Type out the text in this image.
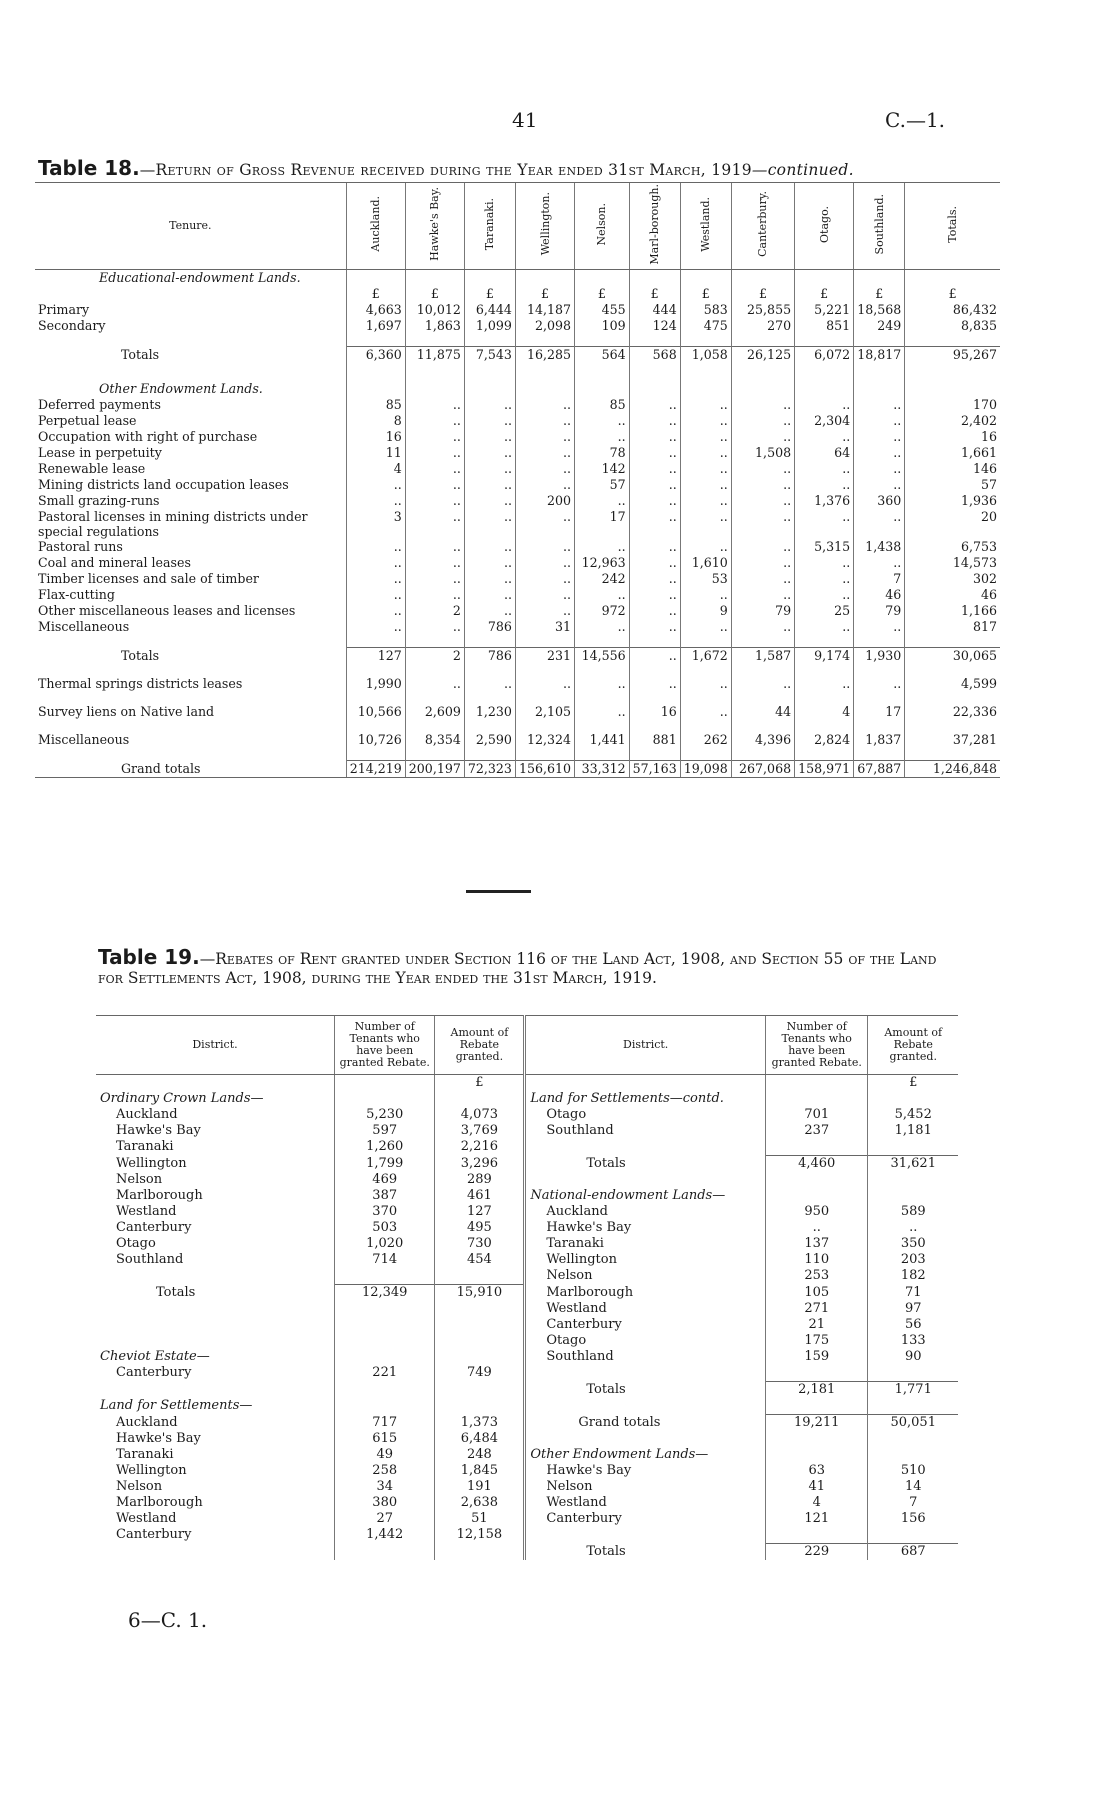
41	C.—1.
Table 18.—Return of Gross Revenue received during the Year ended 31st March, 1919—continued.
Tenure.	Auckland.	Hawke's Bay.	Taranaki.	Wellington.	Nelson.	Marl-borough.	Westland.	Canterbury.	Otago.	Southland.	Totals.
Educational-endowment Lands.											
	£	£	£	£	£	£	£	£	£	£	£
Primary	4,663	10,012	6,444	14,187	455	444	583	25,855	5,221	18,568	86,432
Secondary	1,697	1,863	1,099	2,098	109	124	475	270	851	249	8,835

Totals	6,360	11,875	7,543	16,285	564	568	1,058	26,125	6,072	18,817	95,267

Other Endowment Lands.											
Deferred payments	85	..	..	..	85	..	..	..	..	..	170
Perpetual lease	8	..	..	..	..	..	..	..	2,304	..	2,402
Occupation with right of purchase	16	..	..	..	..	..	..	..	..	..	16
Lease in perpetuity	11	..	..	..	78	..	..	1,508	64	..	1,661
Renewable lease	4	..	..	..	142	..	..	..	..	..	146
Mining districts land occupation leases	..	..	..	..	57	..	..	..	..	..	57
Small grazing-runs	..	..	..	200	..	..	..	..	1,376	360	1,936
Pastoral licenses in mining districts under special regulations	3	..	..	..	17	..	..	..	..	..	20
Pastoral runs	..	..	..	..	..	..	..	..	5,315	1,438	6,753
Coal and mineral leases	..	..	..	..	12,963	..	1,610	..	..	..	14,573
Timber licenses and sale of timber	..	..	..	..	242	..	53	..	..	7	302
Flax-cutting	..	..	..	..	..	..	..	..	..	46	46
Other miscellaneous leases and licenses	..	2	..	..	972	..	9	79	25	79	1,166
Miscellaneous	..	..	786	31	..	..	..	..	..	..	817

Totals	127	2	786	231	14,556	..	1,672	1,587	9,174	1,930	30,065

Thermal springs districts leases	1,990	..	..	..	..	..	..	..	..	..	4,599

Survey liens on Native land	10,566	2,609	1,230	2,105	..	16	..	44	4	17	22,336

Miscellaneous	10,726	8,354	2,590	12,324	1,441	881	262	4,396	2,824	1,837	37,281

Grand totals	214,219	200,197	72,323	156,610	33,312	57,163	19,098	267,068	158,971	67,887	1,246,848
Table 19.—Rebates of Rent granted under Section 116 of the Land Act, 1908, and Section 55 of the Land for Settlements Act, 1908, during the Year ended the 31st March, 1919.
District.	Number of Tenants who have been granted Rebate.	Amount of Rebate granted.	District.	Number of Tenants who have been granted Rebate.	Amount of Rebate granted.
		£			£
Ordinary Crown Lands—			Land for Settlements—contd.		
Auckland	5,230	4,073	Otago	701	5,452
Hawke's Bay	597	3,769	Southland	237	1,181
Taranaki	1,260	2,216			
Wellington	1,799	3,296	Totals	4,460	31,621
Nelson	469	289			
Marlborough	387	461	National-endowment Lands—		
Westland	370	127	Auckland	950	589
Canterbury	503	495	Hawke's Bay	..	..
Otago	1,020	730	Taranaki	137	350
Southland	714	454	Wellington	110	203
			Nelson	253	182
Totals	12,349	15,910	Marlborough	105	71
			Westland	271	97
			Canterbury	21	56
			Otago	175	133
Cheviot Estate—			Southland	159	90
Canterbury	221	749			
			Totals	2,181	1,771
Land for Settlements—					
Auckland	717	1,373	Grand totals	19,211	50,051
Hawke's Bay	615	6,484			
Taranaki	49	248	Other Endowment Lands—		
Wellington	258	1,845	Hawke's Bay	63	510
Nelson	34	191	Nelson	41	14
Marlborough	380	2,638	Westland	4	7
Westland	27	51	Canterbury	121	156
Canterbury	1,442	12,158			
			Totals	229	687
6—C. 1.
